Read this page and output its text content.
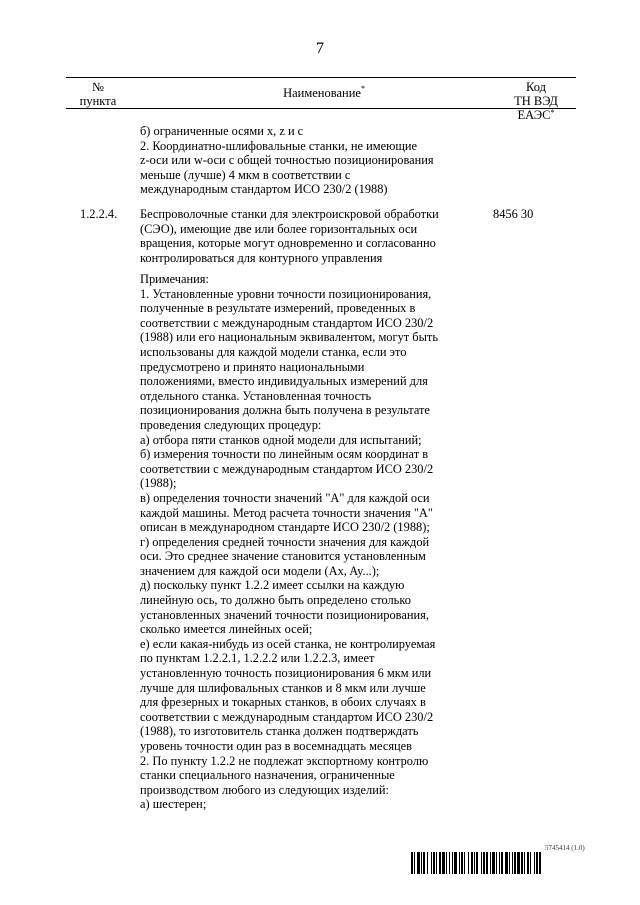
7
№
пункта
Наименование*	Код
ТН ВЭД ЕАЭС*

б) ограниченные осями x, z и c

2. Координатно-шлифовальные станки, не имеющие

z-оси или w-оси с общей точностью позиционирования

меньше (лучше) 4 мкм в соответствии с

международным стандартом ИСО 230/2 (1988)

1.2.2.4.	8456 30

Беспроволочные станки для электроискровой обработки

(СЭО), имеющие две или более горизонтальных оси

вращения, которые могут одновременно и согласованно

контролироваться для контурного управления

Примечания:

1. Установленные уровни точности позиционирования,

полученные в результате измерений, проведенных в

соответствии с международным стандартом ИСО 230/2

(1988) или его национальным эквивалентом, могут быть

использованы для каждой модели станка, если это

предусмотрено и принято национальными

положениями, вместо индивидуальных измерений для

отдельного станка. Установленная точность

позиционирования должна быть получена в результате

проведения следующих процедур:

а) отбора пяти станков одной модели для испытаний;

б) измерения точности по линейным осям координат в

соответствии с международным стандартом ИСО 230/2

(1988);

в) определения точности значений "A" для каждой оси

каждой машины. Метод расчета точности значения "A"

описан в международном стандарте ИСО 230/2 (1988);

г) определения средней точности значения для каждой

оси. Это среднее значение становится установленным

значением для каждой оси модели (Ax, Ay...);

д) поскольку пункт 1.2.2 имеет ссылки на каждую

линейную ось, то должно быть определено столько

установленных значений точности позиционирования,

сколько имеется линейных осей;

е) если какая-нибудь из осей станка, не контролируемая

по пунктам 1.2.2.1, 1.2.2.2 или 1.2.2.3, имеет

установленную точность позиционирования 6 мкм или

лучше для шлифовальных станков и 8 мкм или лучше

для фрезерных и токарных станков, в обоих случаях в

соответствии с международным стандартом ИСО 230/2

(1988), то изготовитель станка должен подтверждать

уровень точности один раз в восемнадцать месяцев

2. По пункту 1.2.2 не подлежат экспортному контролю

станки специального назначения, ограниченные

производством любого из следующих изделий:

а) шестерен;

5745414 (1.0)
